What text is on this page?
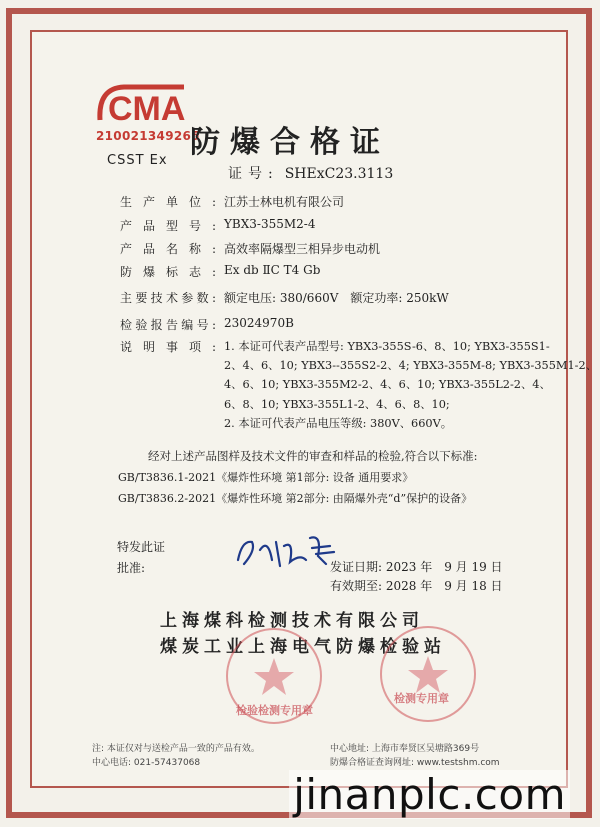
CMA
210021349265
CSST Ex
防爆合格证
证号: SHExC23.3113
生产单位: 江苏士林电机有限公司
产品型号: YBX3-355M2-4
产品名称: 高效率隔爆型三相异步电动机
防爆标志: Ex db ⅡC T4 Gb
主要技术参数: 额定电压: 380/660V　额定功率: 250kW
检验报告编号: 23024970B
说明事项: 1. 本证可代表产品型号: YBX3-355S-6、8、10; YBX3-355S1-
2、4、6、10; YBX3--355S2-2、4; YBX3-355M-8; YBX3-355M1-2、
4、6、10; YBX3-355M2-2、4、6、10; YBX3-355L2-2、4、
6、8、10; YBX3-355L1-2、4、6、8、10;
2. 本证可代表产品电压等级: 380V、660V。
经对上述产品图样及技术文件的审查和样品的检验,符合以下标准:
GB/T3836.1-2021《爆炸性环境 第1部分: 设备 通用要求》
GB/T3836.2-2021《爆炸性环境 第2部分: 由隔爆外壳“d”保护的设备》
特发此证
批准:	发证日期: 2023 年　9 月 19 日
有效期至: 2028 年　9 月 18 日
上海煤科检测技术有限公司
煤炭工业上海电气防爆检验站
检验检测专用章
检测专用章
注: 本证仅对与送检产品一致的产品有效。
中心电话: 021-57437068
中心地址: 上海市奉贤区吴塘路369号
防爆合格证查询网址: www.testshm.com
jinanplc.com
